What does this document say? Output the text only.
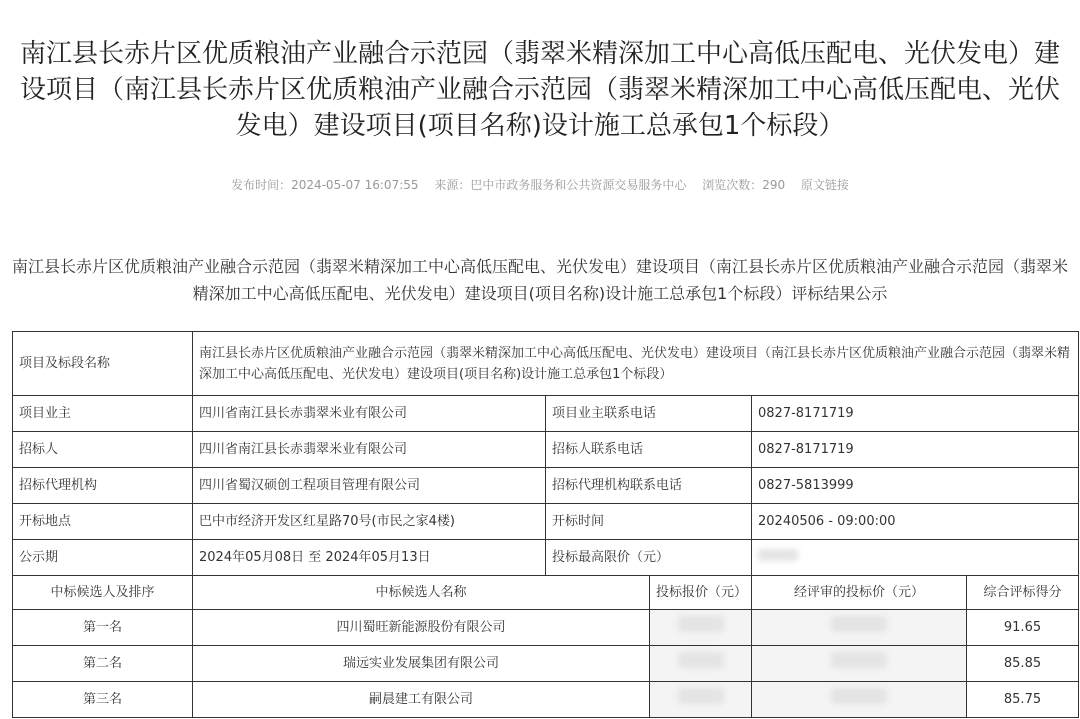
南江县长赤片区优质粮油产业融合示范园（翡翠米精深加工中心高低压配电、光伏发电）建设项目（南江县长赤片区优质粮油产业融合示范园（翡翠米精深加工中心高低压配电、光伏发电）建设项目(项目名称)设计施工总承包1个标段）
发布时间：2024-05-07 16:07:55 来源：巴中市政务服务和公共资源交易服务中心 浏览次数：290 原文链接
南江县长赤片区优质粮油产业融合示范园（翡翠米精深加工中心高低压配电、光伏发电）建设项目（南江县长赤片区优质粮油产业融合示范园（翡翠米精深加工中心高低压配电、光伏发电）建设项目(项目名称)设计施工总承包1个标段）评标结果公示
项目及标段名称	南江县长赤片区优质粮油产业融合示范园（翡翠米精深加工中心高低压配电、光伏发电）建设项目（南江县长赤片区优质粮油产业融合示范园（翡翠米精深加工中心高低压配电、光伏发电）建设项目(项目名称)设计施工总承包1个标段）				
项目业主	四川省南江县长赤翡翠米业有限公司	项目业主联系电话		0827-8171719	
招标人	四川省南江县长赤翡翠米业有限公司	招标人联系电话		0827-8171719	
招标代理机构	四川省蜀汉硕创工程项目管理有限公司	招标代理机构联系电话		0827-5813999	
开标地点	巴中市经济开发区红星路70号(市民之家4楼)	开标时间		20240506 - 09:00:00	
公示期	2024年05月08日 至 2024年05月13日	投标最高限价（元）			
中标候选人及排序	中标候选人名称		投标报价（元）	经评审的投标价（元）	综合评标得分
第一名	四川蜀旺新能源股份有限公司				91.65
第二名	瑞远实业发展集团有限公司				85.85
第三名	嗣晨建工有限公司				85.75
